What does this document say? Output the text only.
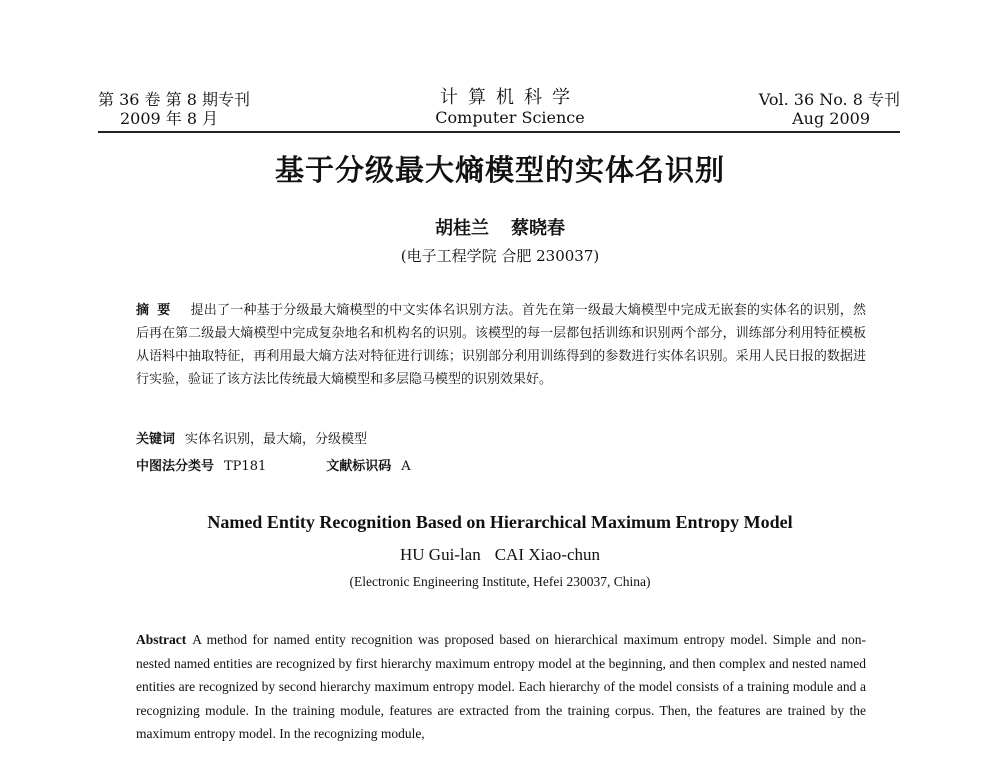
第 36 卷 第 8 期专刊
2009 年 8 月
计算机科学
Computer Science
Vol. 36 No. 8 专刊
Aug 2009
基于分级最大熵模型的实体名识别
胡桂兰 蔡晓春
(电子工程学院 合肥 230037)
摘要 提出了一种基于分级最大熵模型的中文实体名识别方法。首先在第一级最大熵模型中完成无嵌套的实体名的识别，然后再在第二级最大熵模型中完成复杂地名和机构名的识别。该模型的每一层都包括训练和识别两个部分，训练部分利用特征模板从语料中抽取特征，再利用最大熵方法对特征进行训练；识别部分利用训练得到的参数进行实体名识别。采用人民日报的数据进行实验，验证了该方法比传统最大熵模型和多层隐马模型的识别效果好。
关键词 实体名识别，最大熵，分级模型
中图法分类号 TP181	文献标识码 A
Named Entity Recognition Based on Hierarchical Maximum Entropy Model
HU Gui-lan CAI Xiao-chun
(Electronic Engineering Institute, Hefei 230037, China)
Abstract A method for named entity recognition was proposed based on hierarchical maximum entropy model. Simple and non-nested named entities are recognized by first hierarchy maximum entropy model at the beginning, and then complex and nested named entities are recognized by second hierarchy maximum entropy model. Each hierarchy of the model consists of a training module and a recognizing module. In the training module, features are extracted from the training corpus. Then, the features are trained by the maximum entropy model. In the recognizing module,
